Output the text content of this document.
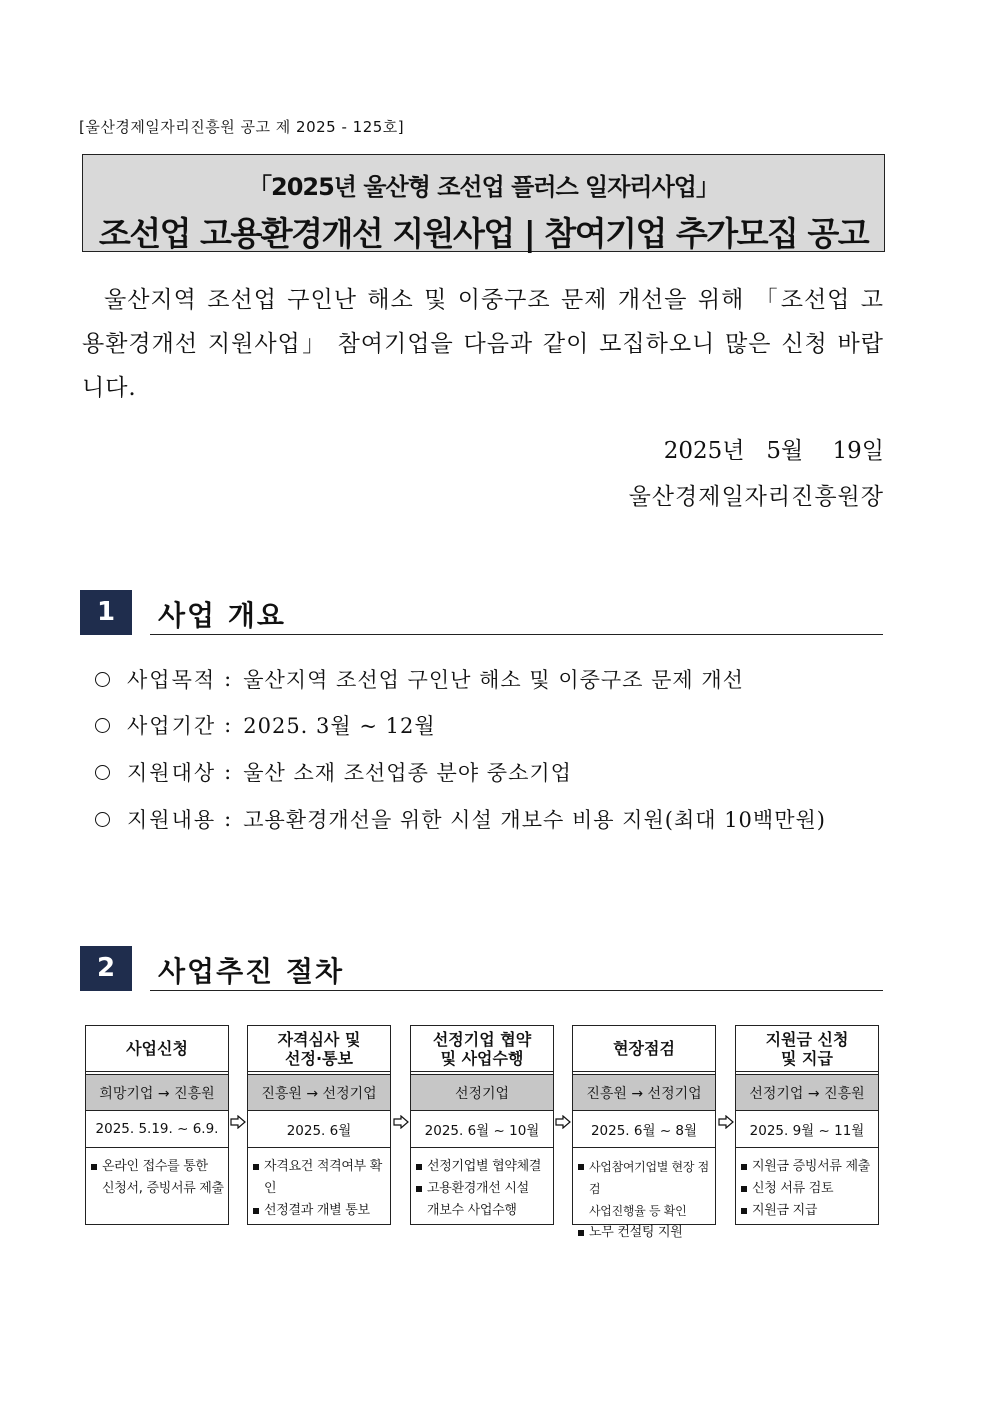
[울산경제일자리진흥원 공고 제 2025 - 125호]
「2025년 울산형 조선업 플러스 일자리사업」
조선업 고용환경개선 지원사업 | 참여기업 추가모집 공고
울산지역 조선업 구인난 해소 및 이중구조 문제 개선을 위해 「조선업 고용환경개선 지원사업」 참여기업을 다음과 같이 모집하오니 많은 신청 바랍니다.
2025년   5월    19일
울산경제일자리진흥원장
1	사업 개요
사업목적 : 울산지역 조선업 구인난 해소 및 이중구조 문제 개선
사업기간 : 2025. 3월 ~ 12월
지원대상 : 울산 소재 조선업종 분야 중소기업
지원내용 : 고용환경개선을 위한 시설 개보수 비용 지원(최대 10백만원)
2	사업추진 절차
사업신청
희망기업 → 진흥원
2025. 5.19. ~ 6.9.
온라인 접수를 통한
신청서, 증빙서류 제출
자격심사 및
선정·통보
진흥원 → 선정기업
2025. 6월
자격요건 적격여부 확인
선정결과 개별 통보
선정기업 협약
및 사업수행
선정기업
2025. 6월 ~ 10월
선정기업별 협약체결
고용환경개선 시설
개보수 사업수행
현장점검
진흥원 → 선정기업
2025. 6월 ~ 8월
사업참여기업별 현장 점검
사업진행율 등 확인
노무 컨설팅 지원
지원금 신청
및 지급
선정기업 → 진흥원
2025. 9월 ~ 11월
지원금 증빙서류 제출
신청 서류 검토
지원금 지급
